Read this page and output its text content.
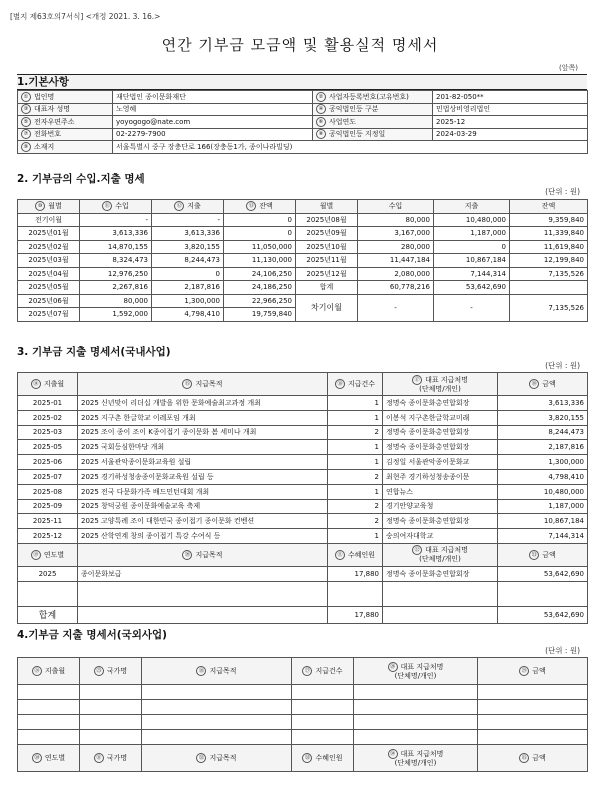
[별지 제63호의7서식] <개정 2021. 3. 16.>
연간 기부금 모금액 및 활용실적 명세서
(앞쪽)
1.기본사항
① 법인명	재단법인 종이문화재단	② 사업자등록번호(고유번호)	201-82-050**
③ 대표자 성명	노영혜	④ 공익법인등 구분	민법상비영리법인
⑤ 전자우편주소	yoyogogo@nate.com	⑥ 사업연도	2025-12
⑦ 전화번호	02-2279-7900	⑧ 공익법인등 지정일	2024-03-29
⑨ 소재지	서울특별시 중구 장충단로 166(장충동1가, 종이나라빌딩)		
2. 기부금의 수입.지출 명세
(단위 : 원)
⑩ 월별	⑪ 수입	⑫ 지출	⑬ 잔액	월별	수입	지출	잔액
전기이월	-	-	0	2025년08월	80,000	10,480,000	9,359,840
2025년01월	3,613,336	3,613,336	0	2025년09월	3,167,000	1,187,000	11,339,840
2025년02월	14,870,155	3,820,155	11,050,000	2025년10월	280,000	0	11,619,840
2025년03월	8,324,473	8,244,473	11,130,000	2025년11월	11,447,184	10,867,184	12,199,840
2025년04월	12,976,250	0	24,106,250	2025년12월	2,080,000	7,144,314	7,135,526
2025년05월	2,267,816	2,187,816	24,186,250	합계	60,778,216	53,642,690	
2025년06월	80,000	1,300,000	22,966,250	차기이월	-	-	7,135,526
2025년07월	1,592,000	4,798,410	19,759,840				
3. 기부금 지출 명세서(국내사업)
(단위 : 원)
⑭ 지출월	⑮ 지급목적	⑯ 지급건수	⑰ 대표 지급처명
(단체명/개인)	⑱ 금액
2025-01	2025 신년맞이 리더십 개발을 위한 문화예술최고과정 개최	1	정명숙 종이문화총연합회장	3,613,336
2025-02	2025 지구촌 한글학교 이레포임 개최	1	이봉석 지구촌한글학교미래	3,820,155
2025-03	2025 조이 종이 조이 K종이접기 종이문화 봄 세미나 개최	2	정명숙 종이문화총연합회장	8,244,473
2025-05	2025 국회등심한마당 개최	1	정명숙 종이문화총연합회장	2,187,816
2025-06	2025 서울관악종이문화교육원 설립	1	김정일 서울관악종이문화교	1,300,000
2025-07	2025 경기하성청송종이문화교육원 설립 등	2	최현주 경기하성청송종이문	4,798,410
2025-08	2025 전국 다문화가족 배드민턴대회 개최	1	연합뉴스	10,480,000
2025-09	2025 창덕궁원 종이문화예술교육 축제	2	경기안양교육청	1,187,000
2025-11	2025 고양특례 조이 대한민국 종이접기 종이문화 컨벤션	2	정명숙 종이문화총연합회장	10,867,184
2025-12	2025 산학연계 창의 종이접기 특강 수여식 등	1	숭의여자대학교	7,144,314
⑲ 연도별	⑳ 지급목적	㉑ 수혜인원	㉒ 대표 지급처명
(단체명/개인)	㉓ 금액
2025	종이문화보급	17,880	정명숙 종이문화총연합회장	53,642,690

합계		17,880		53,642,690
4.기부금 지출 명세서(국외사업)
(단위 : 원)
㉔ 지출월	㉕ 국가명	㉖ 지급목적	㉗ 지급건수	㉘ 대표 지급처명
(단체명/개인)	㉙ 금액

㉚ 연도별	㉛ 국가명	㉜ 지급목적	㉝ 수혜인원	㉞ 대표 지급처명
(단체명/개인)	㉟ 금액
